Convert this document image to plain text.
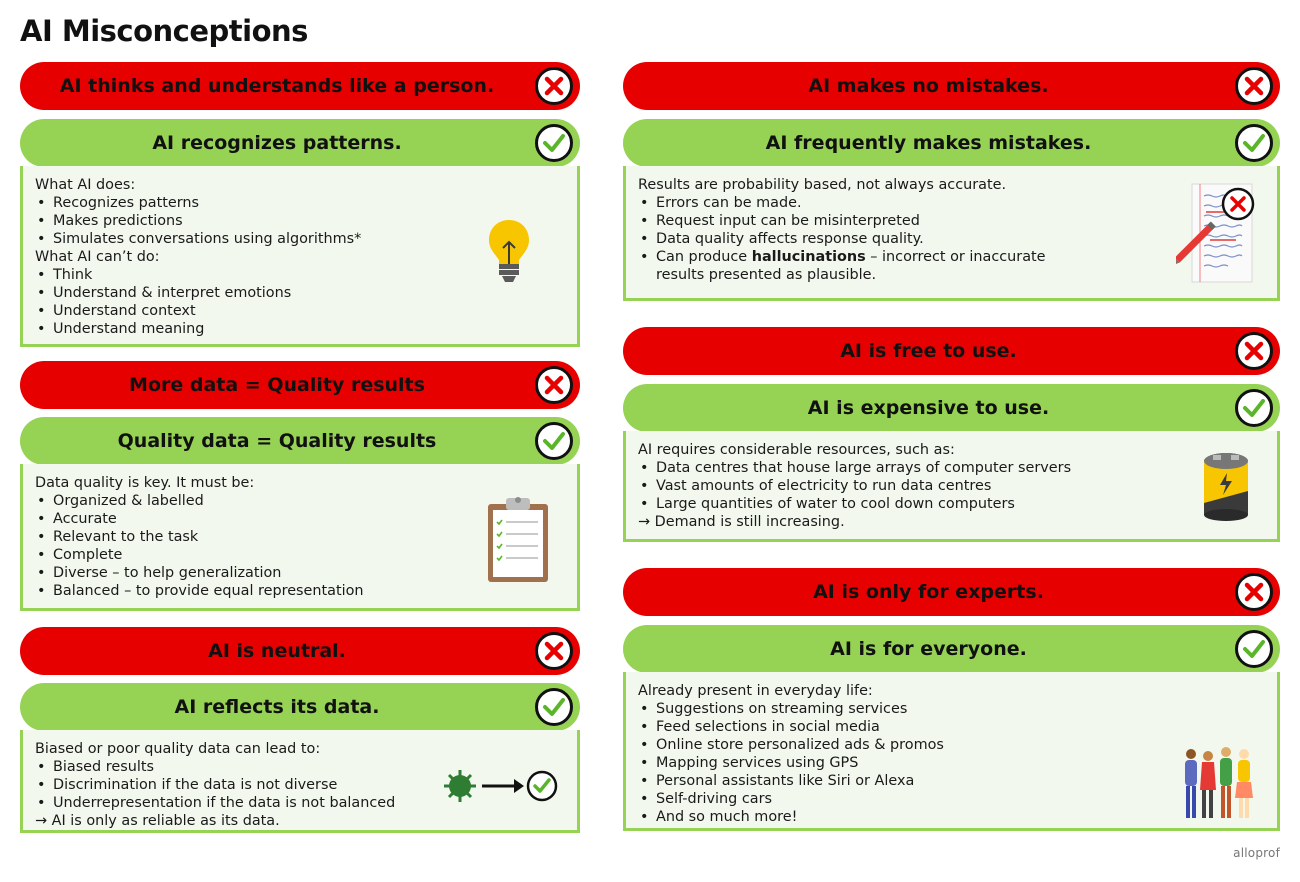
AI Misconceptions
AI thinks and understands like a person.
AI recognizes patterns.
What AI does:
• Recognizes patterns
• Makes predictions
• Simulates conversations using algorithms*
What AI can’t do:
• Think
• Understand & interpret emotions
• Understand context
• Understand meaning
More data = Quality results
Quality data = Quality results
Data quality is key. It must be:
• Organized & labelled
• Accurate
• Relevant to the task
• Complete
• Diverse – to help generalization
• Balanced – to provide equal representation
AI is neutral.
AI reflects its data.
Biased or poor quality data can lead to:
• Biased results
• Discrimination if the data is not diverse
• Underrepresentation if the data is not balanced
→ AI is only as reliable as its data.
AI makes no mistakes.
AI frequently makes mistakes.
Results are probability based, not always accurate.
• Errors can be made.
• Request input can be misinterpreted
• Data quality affects response quality.
• Can produce hallucinations – incorrect or inaccurate
results presented as plausible.
AI is free to use.
AI is expensive to use.
AI requires considerable resources, such as:
• Data centres that house large arrays of computer servers
• Vast amounts of electricity to run data centres
• Large quantities of water to cool down computers
→ Demand is still increasing.
AI is only for experts.
AI is for everyone.
Already present in everyday life:
• Suggestions on streaming services
• Feed selections in social media
• Online store personalized ads & promos
• Mapping services using GPS
• Personal assistants like Siri or Alexa
• Self-driving cars
• And so much more!
alloprof
